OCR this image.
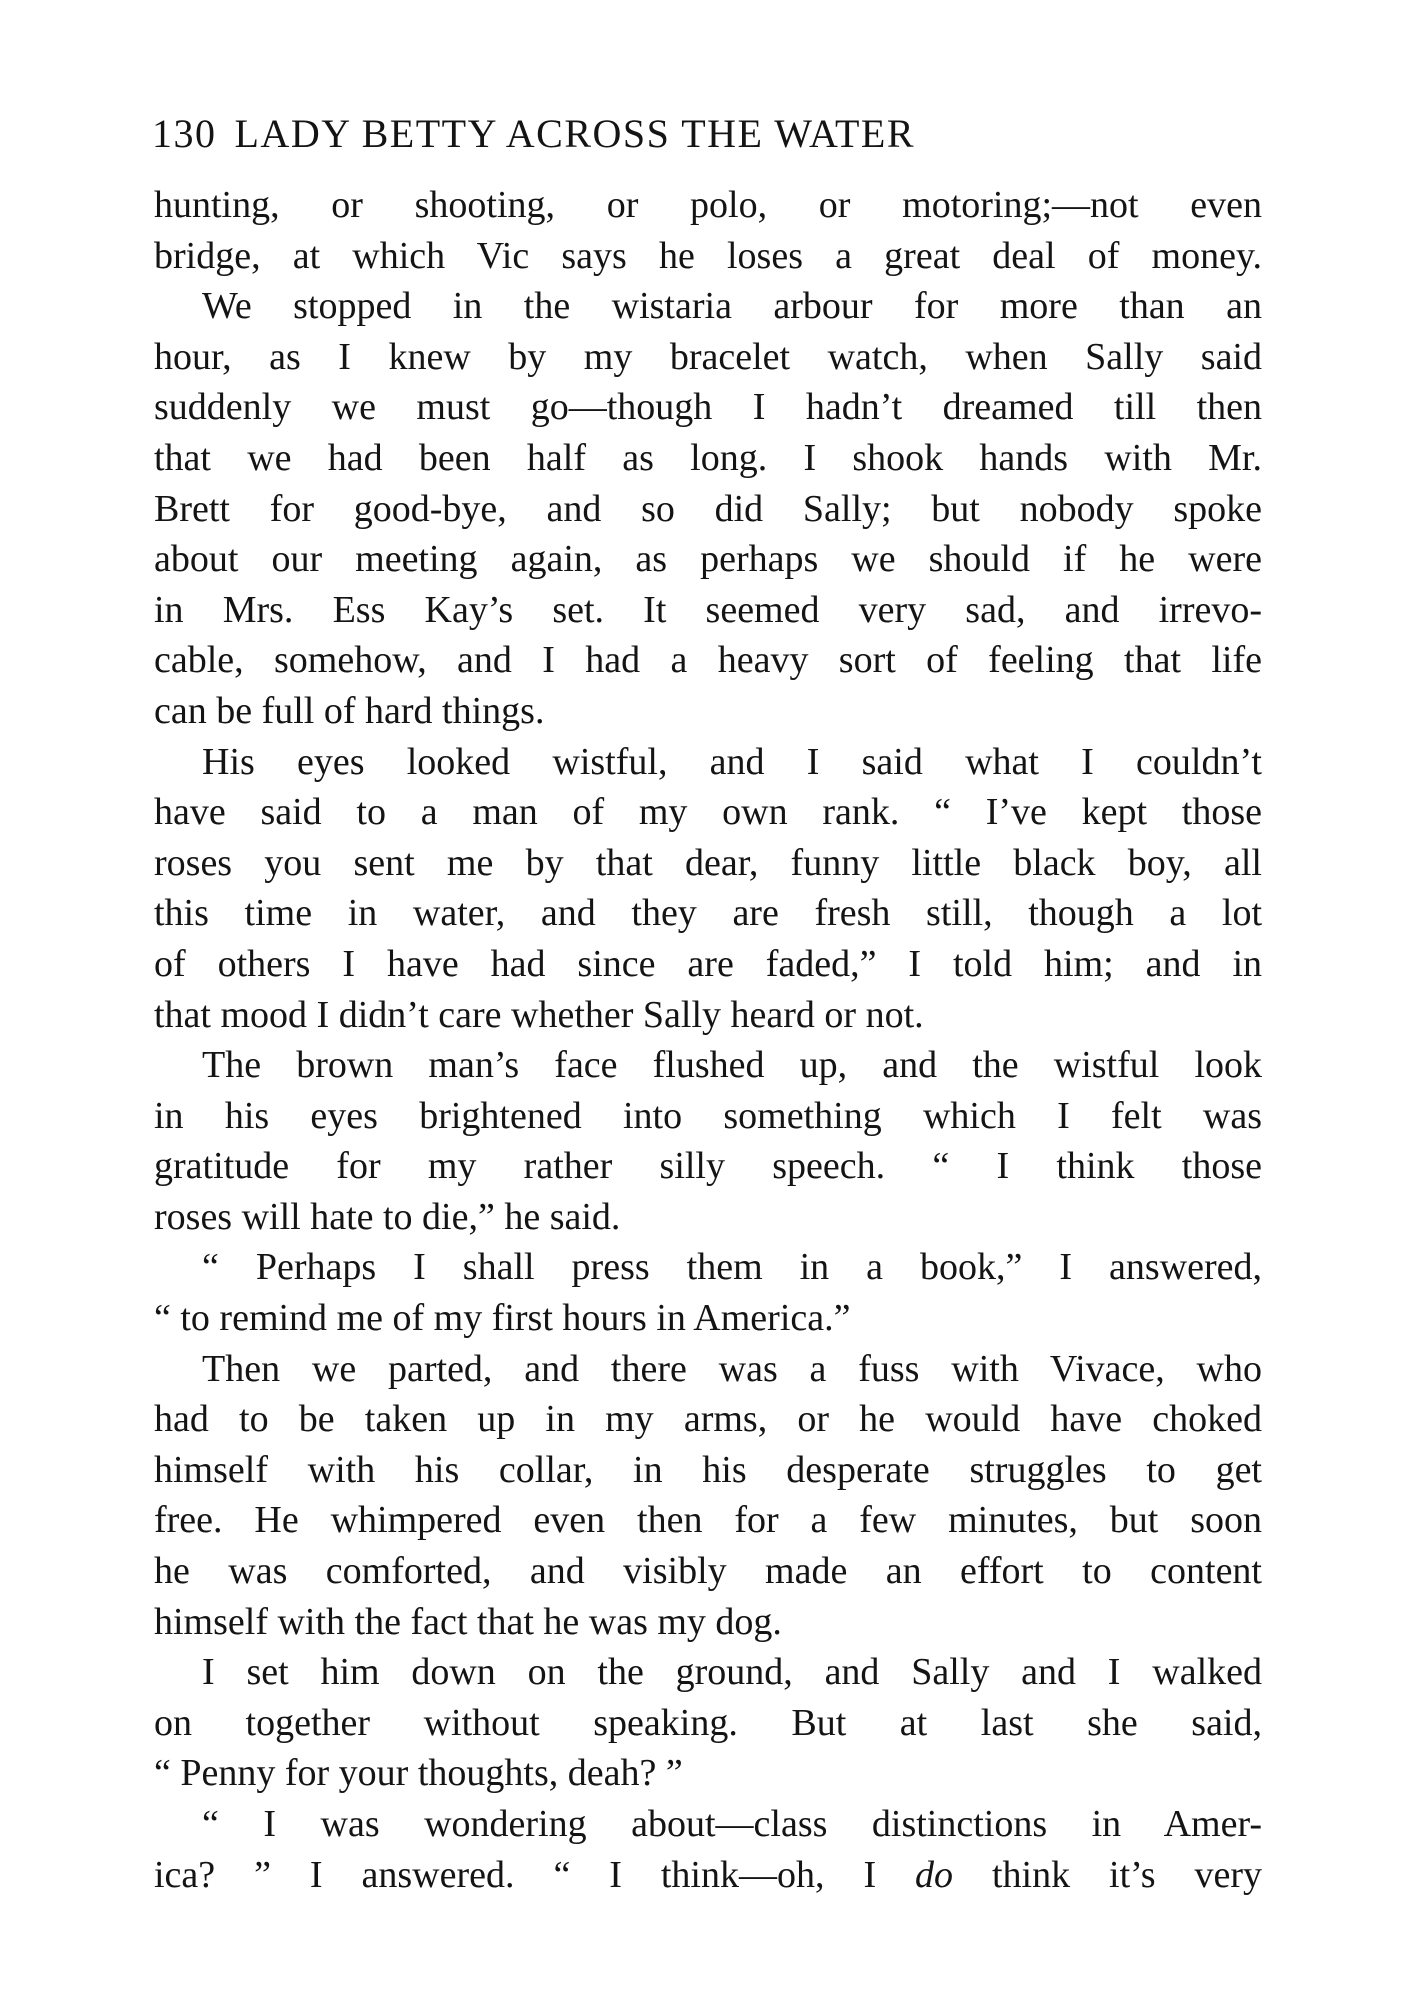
130 LADY BETTY ACROSS THE WATER
hunting, or shooting, or polo, or motoring;—not even
bridge, at which Vic says he loses a great deal of money.
We stopped in the wistaria arbour for more than an
hour, as I knew by my bracelet watch, when Sally said
suddenly we must go—though I hadn’t dreamed till then
that we had been half as long. I shook hands with Mr.
Brett for good-bye, and so did Sally; but nobody spoke
about our meeting again, as perhaps we should if he were
in Mrs. Ess Kay’s set. It seemed very sad, and irrevo-
cable, somehow, and I had a heavy sort of feeling that life
can be full of hard things.
His eyes looked wistful, and I said what I couldn’t
have said to a man of my own rank. “ I’ve kept those
roses you sent me by that dear, funny little black boy, all
this time in water, and they are fresh still, though a lot
of others I have had since are faded,” I told him; and in
that mood I didn’t care whether Sally heard or not.
The brown man’s face flushed up, and the wistful look
in his eyes brightened into something which I felt was
gratitude for my rather silly speech. “ I think those
roses will hate to die,” he said.
“ Perhaps I shall press them in a book,” I answered,
“ to remind me of my first hours in America.”
Then we parted, and there was a fuss with Vivace, who
had to be taken up in my arms, or he would have choked
himself with his collar, in his desperate struggles to get
free. He whimpered even then for a few minutes, but soon
he was comforted, and visibly made an effort to content
himself with the fact that he was my dog.
I set him down on the ground, and Sally and I walked
on together without speaking. But at last she said,
“ Penny for your thoughts, deah? ”
“ I was wondering about—class distinctions in Amer-
ica? ” I answered. “ I think—oh, I do think it’s very
